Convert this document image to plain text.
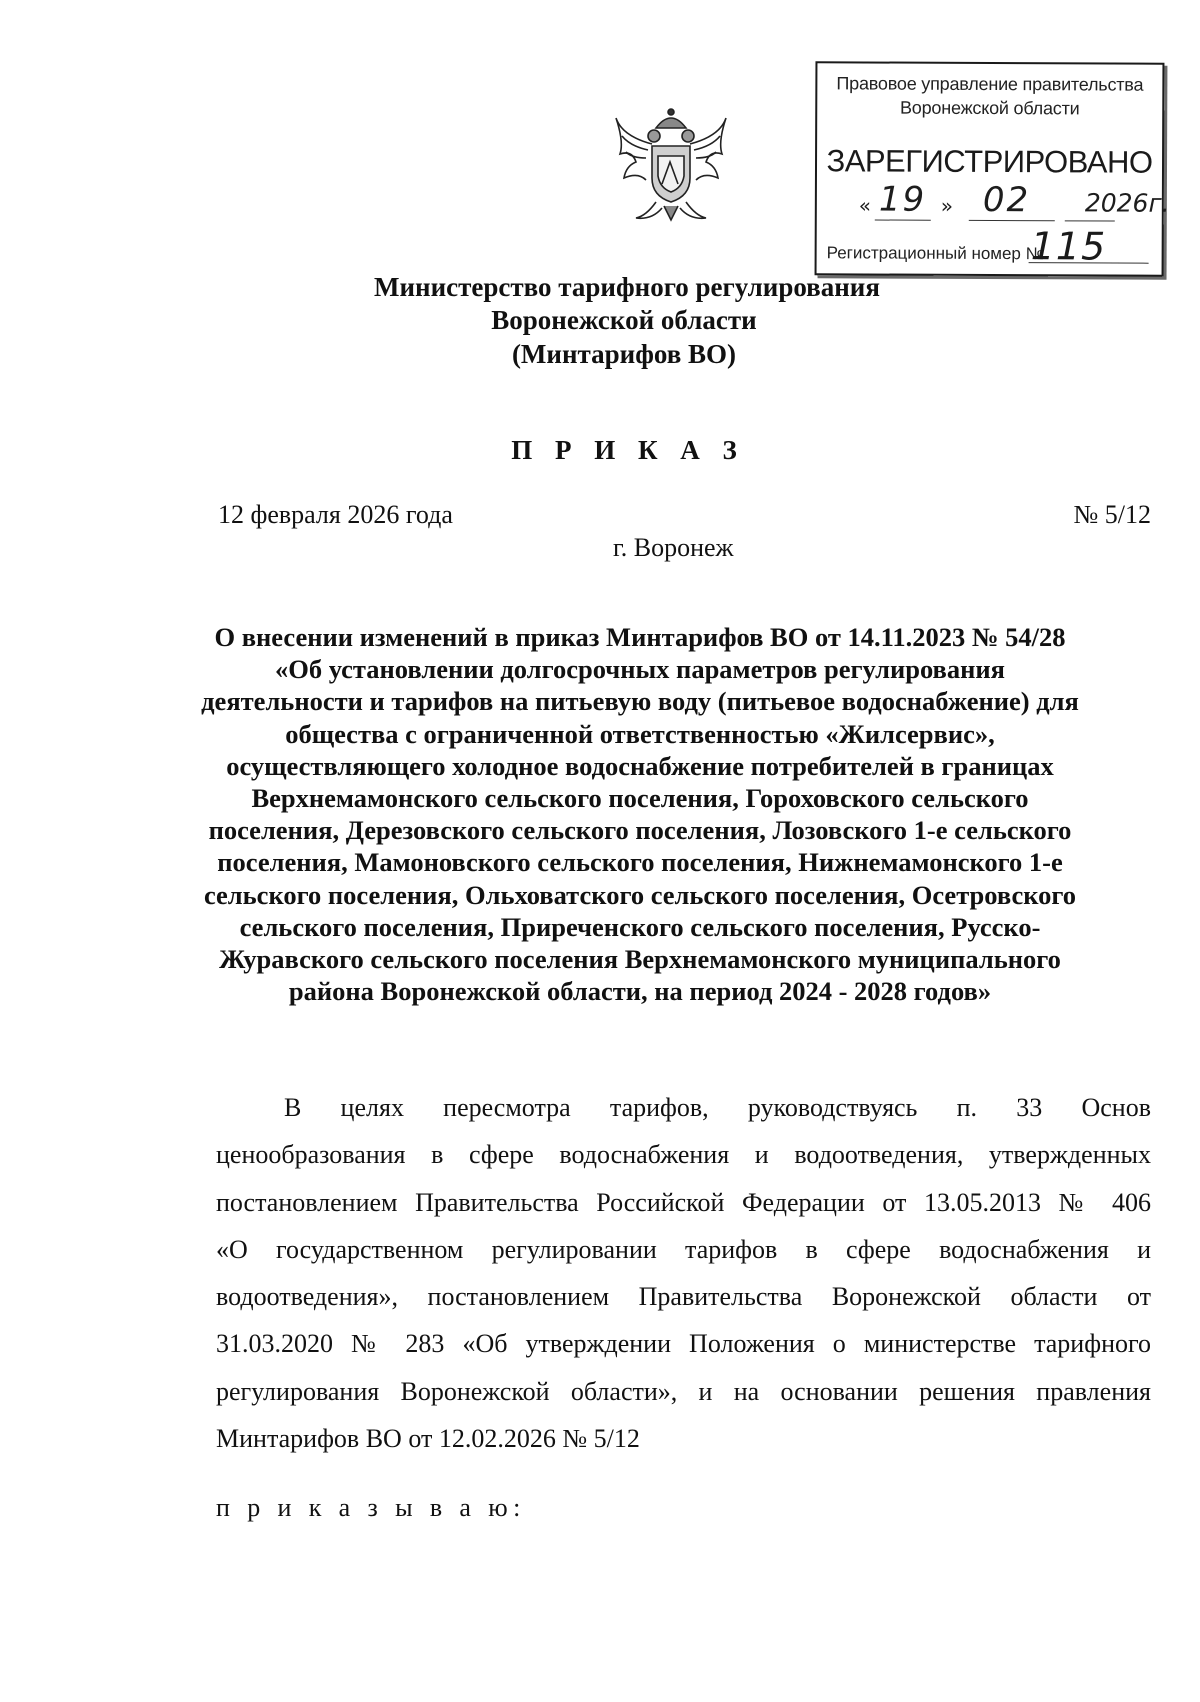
Правовое управление правительства
Воронежской области
ЗАРЕГИСТРИРОВАНО
« 19 » 02 2026г.
Регистрационный номер №
115
Министерство тарифного регулирования
Воронежской области
(Минтарифов ВО)
П Р И К А З
12 февраля 2026 года	№ 5/12
г. Воронеж
О внесении изменений в приказ Минтарифов ВО от 14.11.2023 № 54/28
«Об установлении долгосрочных параметров регулирования
деятельности и тарифов на питьевую воду (питьевое водоснабжение) для
общества с ограниченной ответственностью «Жилсервис»,
осуществляющего холодное водоснабжение потребителей в границах
Верхнемамонского сельского поселения, Гороховского сельского
поселения, Дерезовского сельского поселения, Лозовского 1-е сельского
поселения, Мамоновского сельского поселения, Нижнемамонского 1-е
сельского поселения, Ольховатского сельского поселения, Осетровского
сельского поселения, Приреченского сельского поселения, Русско-
Журавского сельского поселения Верхнемамонского муниципального
района Воронежской области, на период 2024 - 2028 годов»
В целях пересмотра тарифов, руководствуясь п. 33 Основ
ценообразования в сфере водоснабжения и водоотведения, утвержденных
постановлением Правительства Российской Федерации от 13.05.2013 № 406
«О государственном регулировании тарифов в сфере водоснабжения и
водоотведения», постановлением Правительства Воронежской области от
31.03.2020 № 283 «Об утверждении Положения о министерстве тарифного
регулирования Воронежской области», и на основании решения правления
Минтарифов ВО от 12.02.2026 № 5/12
п р и к а з ы в а ю:
